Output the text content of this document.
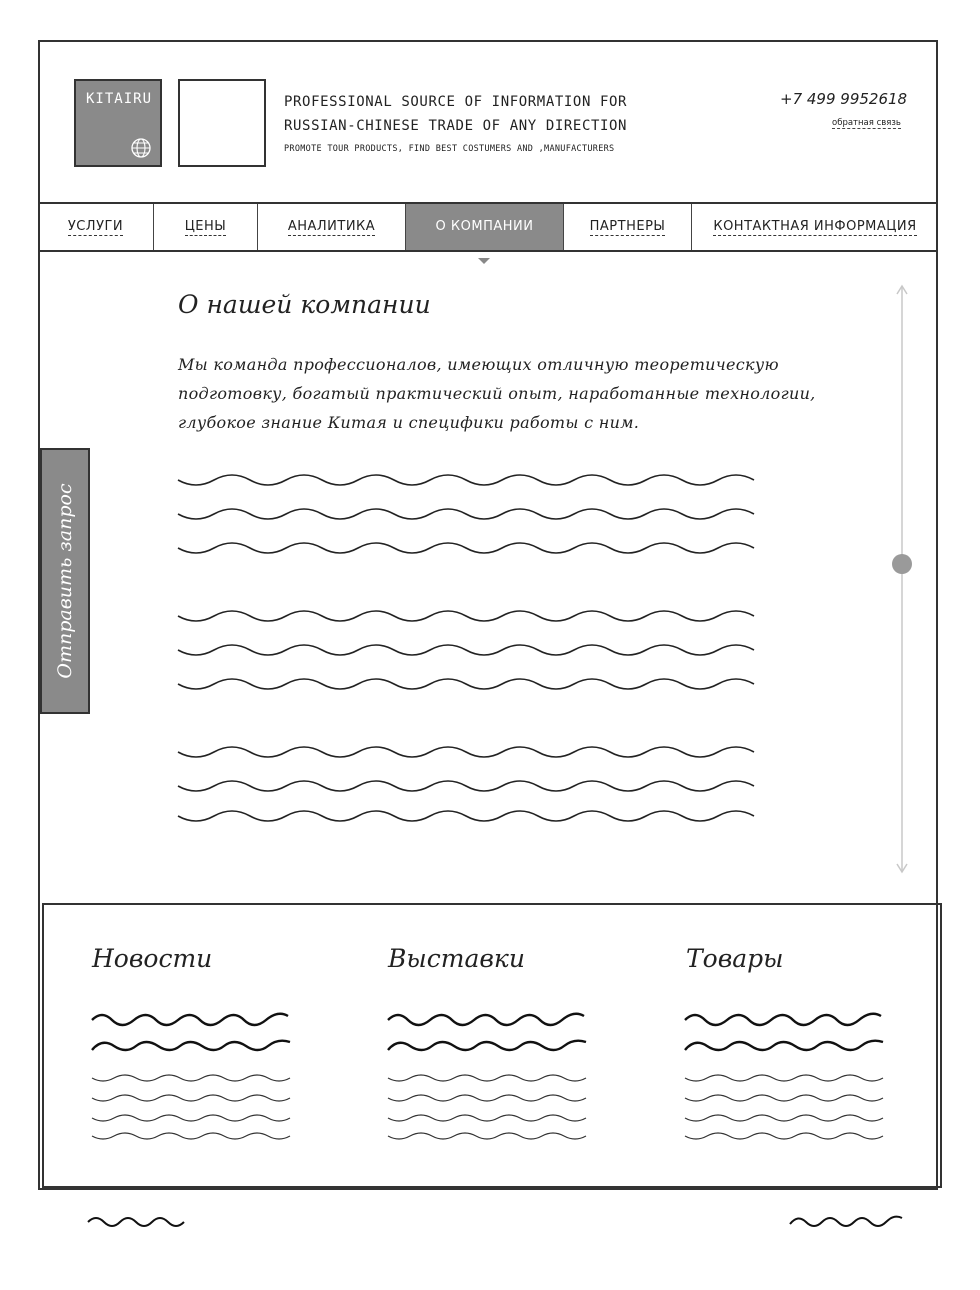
KITAIRU	PROFESSIONAL SOURCE OF INFORMATION FOR
RUSSIAN-CHINESE TRADE OF ANY DIRECTION
PROMOTE TOUR PRODUCTS, FIND BEST COSTUMERS AND ,MANUFACTURERS
+7 499 9952618
обратная связь
УСЛУГИ	ЦЕНЫ	АНАЛИТИКА	О КОМПАНИИ	ПАРТНЕРЫ	КОНТАКТНАЯ ИНФОРМАЦИЯ
Отправить запрос
О нашей компании
Мы команда профессионалов, имеющих отличную теоретическую подготовку, богатый практический опыт, наработанные технологии, глубокое знание Китая и специфики работы с ним.
Новости	Выставки	Товары
